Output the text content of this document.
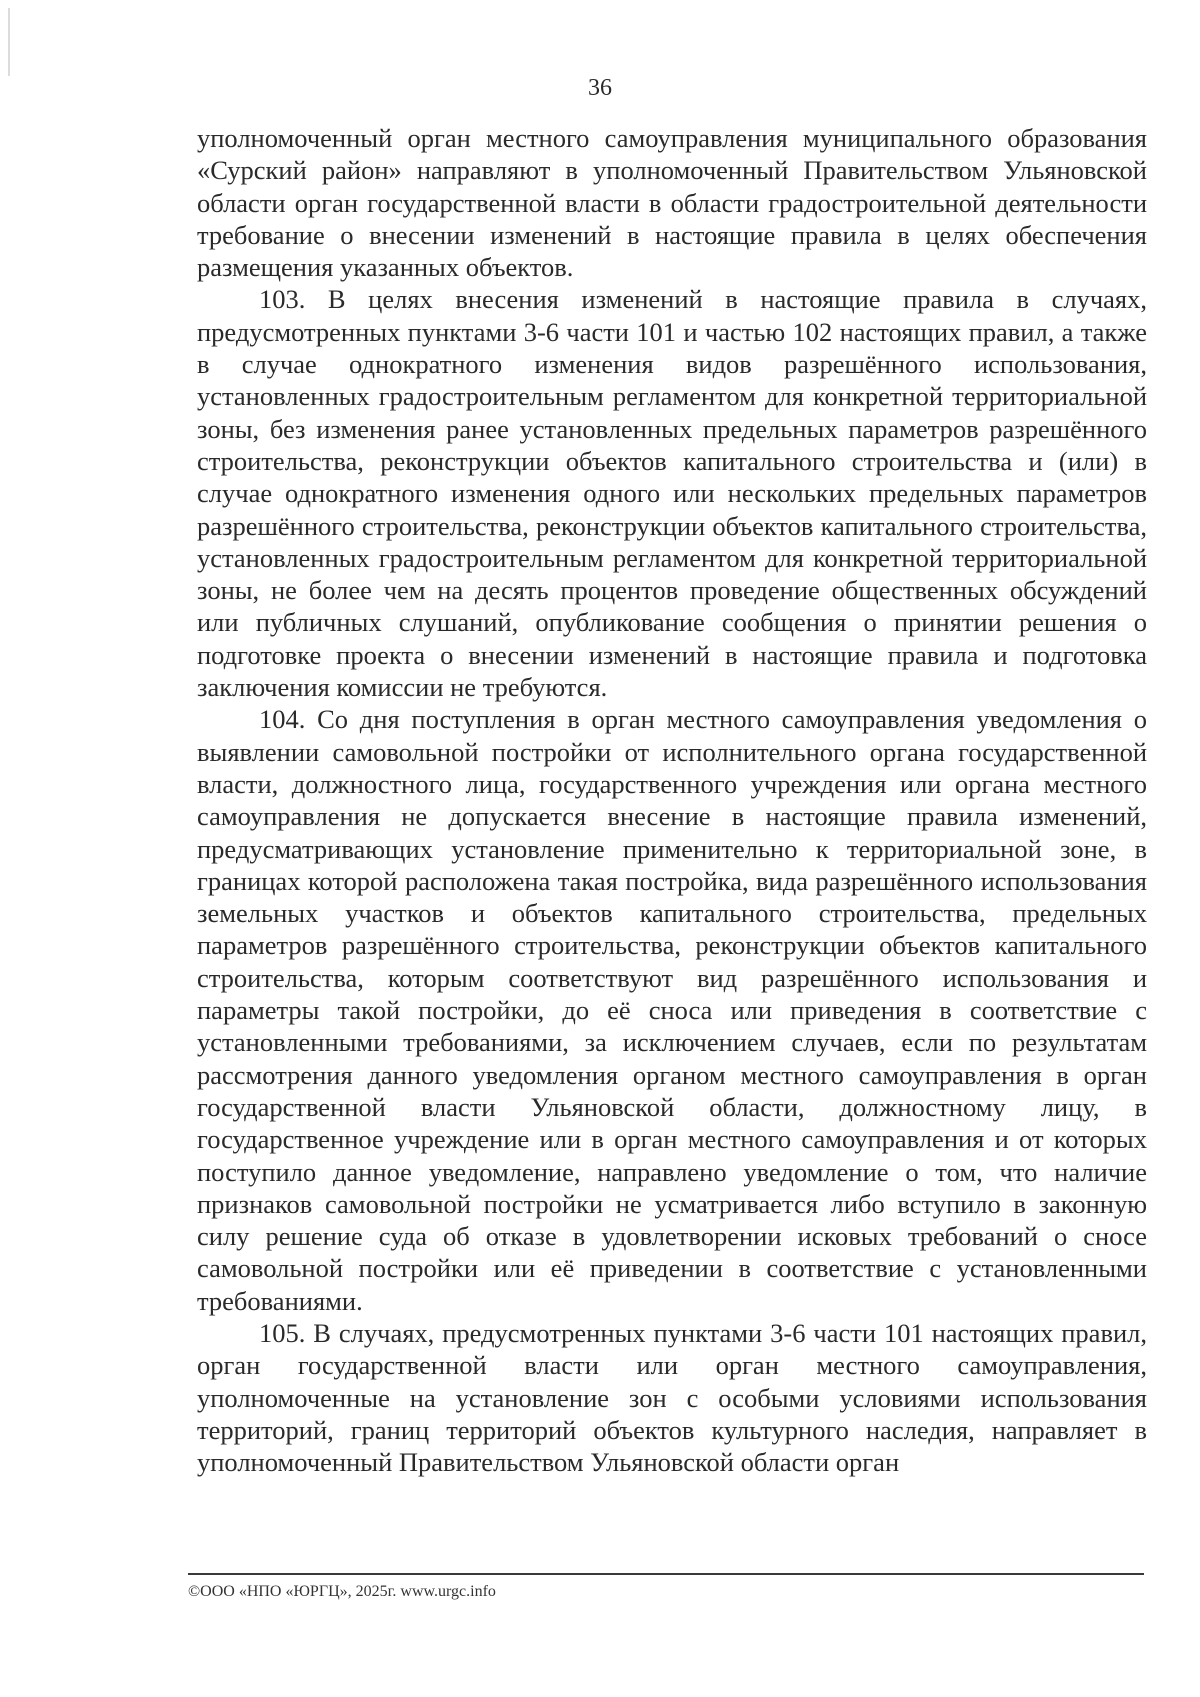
36

уполномоченный орган местного самоуправления муниципального образования «Сурский район» направляют в уполномоченный Правительством Ульяновской области орган государственной власти в области градостроительной деятельности требование о внесении изменений в настоящие правила в целях обеспечения размещения указанных объектов.

103. В целях внесения изменений в настоящие правила в случаях, предусмотренных пунктами 3-6 части 101 и частью 102 настоящих правил, а также в случае однократного изменения видов разрешённого использования, установленных градостроительным регламентом для конкретной территориальной зоны, без изменения ранее установленных предельных параметров разрешённого строительства, реконструкции объектов капитального строительства и (или) в случае однократного изменения одного или нескольких предельных параметров разрешённого строительства, реконструкции объектов капитального строительства, установленных градостроительным регламентом для конкретной территориальной зоны, не более чем на десять процентов проведение общественных обсуждений или публичных слушаний, опубликование сообщения о принятии решения о подготовке проекта о внесении изменений в настоящие правила и подготовка заключения комиссии не требуются.

104. Со дня поступления в орган местного самоуправления уведомления о выявлении самовольной постройки от исполнительного органа государственной власти, должностного лица, государственного учреждения или органа местного самоуправления не допускается внесение в настоящие правила изменений, предусматривающих установление применительно к территориальной зоне, в границах которой расположена такая постройка, вида разрешённого использования земельных участков и объектов капитального строительства, предельных параметров разрешённого строительства, реконструкции объектов капитального строительства, которым соответствуют вид разрешённого использования и параметры такой постройки, до её сноса или приведения в соответствие с установленными требованиями, за исключением случаев, если по результатам рассмотрения данного уведомления органом местного самоуправления в орган государственной власти Ульяновской области, должностному лицу, в государственное учреждение или в орган местного самоуправления и от которых поступило данное уведомление, направлено уведомление о том, что наличие признаков самовольной постройки не усматривается либо вступило в законную силу решение суда об отказе в удовлетворении исковых требований о сносе самовольной постройки или её приведении в соответствие с установленными требованиями.

105. В случаях, предусмотренных пунктами 3-6 части 101 настоящих правил, орган государственной власти или орган местного самоуправления, уполномоченные на установление зон с особыми условиями использования территорий, границ территорий объектов культурного наследия, направляет в уполномоченный Правительством Ульяновской области орган

©ООО «НПО «ЮРГЦ», 2025г. www.urgc.info
